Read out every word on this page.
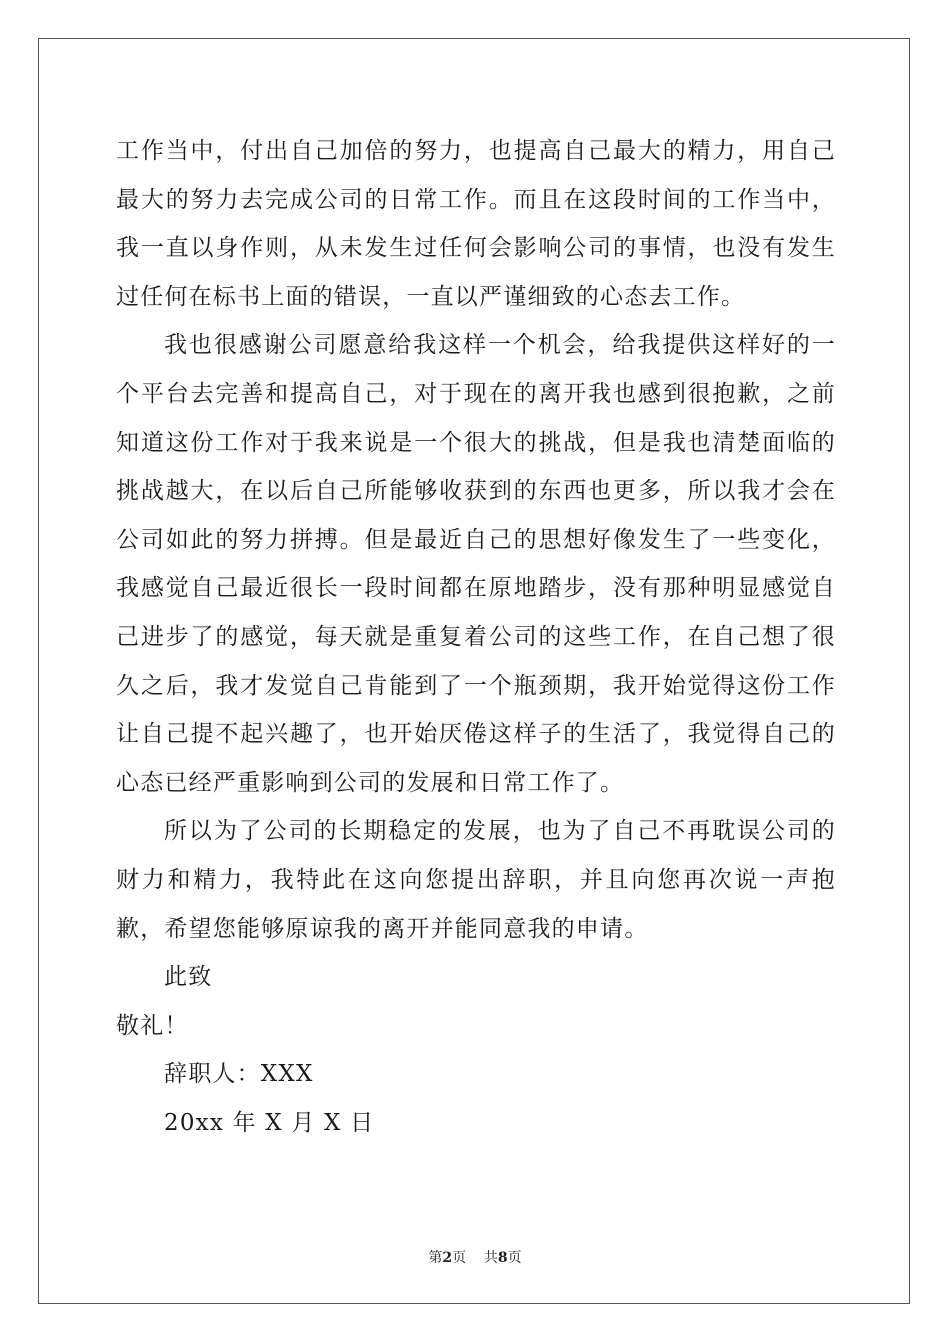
工作当中，付出自己加倍的努力，也提高自己最大的精力，用自己最大的努力去完成公司的日常工作。而且在这段时间的工作当中，我一直以身作则，从未发生过任何会影响公司的事情，也没有发生过任何在标书上面的错误，一直以严谨细致的心态去工作。

我也很感谢公司愿意给我这样一个机会，给我提供这样好的一个平台去完善和提高自己，对于现在的离开我也感到很抱歉，之前知道这份工作对于我来说是一个很大的挑战，但是我也清楚面临的挑战越大，在以后自己所能够收获到的东西也更多，所以我才会在公司如此的努力拼搏。但是最近自己的思想好像发生了一些变化，我感觉自己最近很长一段时间都在原地踏步，没有那种明显感觉自己进步了的感觉，每天就是重复着公司的这些工作，在自己想了很久之后，我才发觉自己肯能到了一个瓶颈期，我开始觉得这份工作让自己提不起兴趣了，也开始厌倦这样子的生活了，我觉得自己的心态已经严重影响到公司的发展和日常工作了。

所以为了公司的长期稳定的发展，也为了自己不再耽误公司的财力和精力，我特此在这向您提出辞职，并且向您再次说一声抱歉，希望您能够原谅我的离开并能同意我的申请。

此致

敬礼！

辞职人：XXX

20xx 年 X 月 X 日

第2页 共8页
